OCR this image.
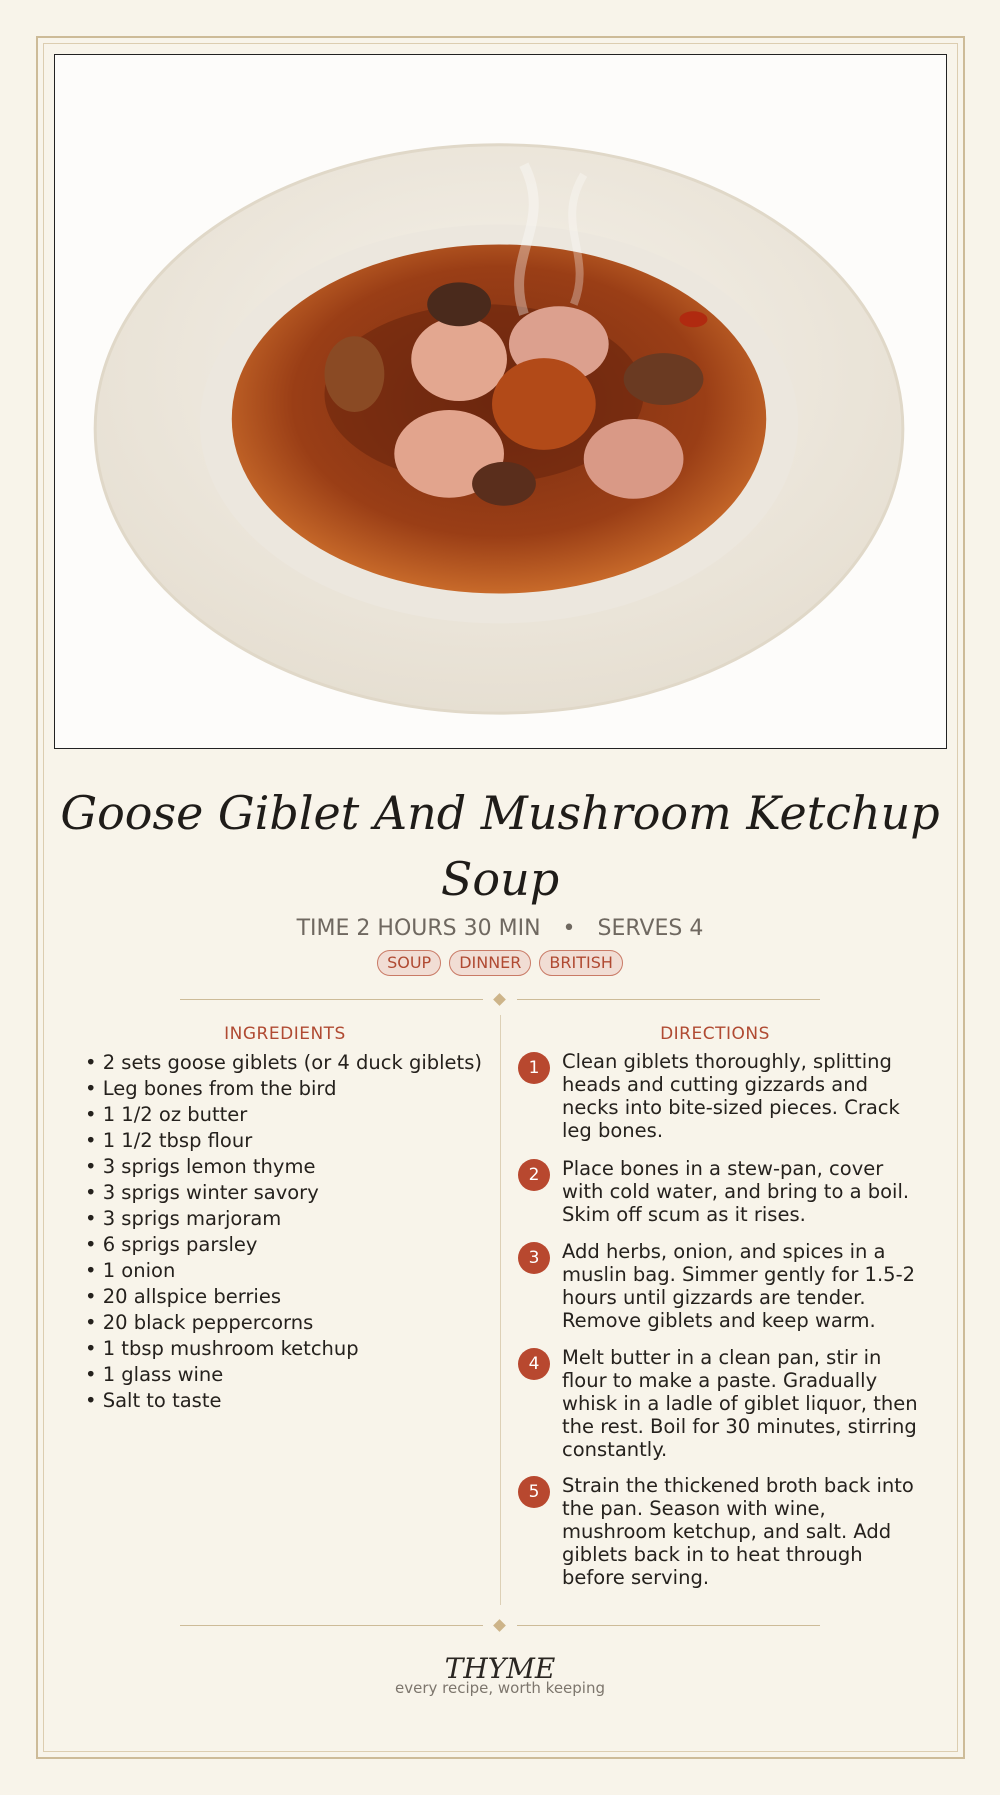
Goose Giblet And Mushroom Ketchup Soup
TIME 2 HOURS 30 MIN • SERVES 4
SOUP	DINNER	BRITISH
INGREDIENTS	DIRECTIONS
• 2 sets goose giblets (or 4 duck giblets)
• Leg bones from the bird
• 1 1/2 oz butter
• 1 1/2 tbsp flour
• 3 sprigs lemon thyme
• 3 sprigs winter savory
• 3 sprigs marjoram
• 6 sprigs parsley
• 1 onion
• 20 allspice berries
• 20 black peppercorns
• 1 tbsp mushroom ketchup
• 1 glass wine
• Salt to taste
1	Clean giblets thoroughly, splitting heads and cutting gizzards and necks into bite-sized pieces. Crack leg bones.

2	Place bones in a stew-pan, cover with cold water, and bring to a boil. Skim off scum as it rises.

3	Add herbs, onion, and spices in a muslin bag. Simmer gently for 1.5-2 hours until gizzards are tender. Remove giblets and keep warm.

4	Melt butter in a clean pan, stir in flour to make a paste. Gradually whisk in a ladle of giblet liquor, then the rest. Boil for 30 minutes, stirring constantly.

5	Strain the thickened broth back into the pan. Season with wine, mushroom ketchup, and salt. Add giblets back in to heat through before serving.

THYME
every recipe, worth keeping
